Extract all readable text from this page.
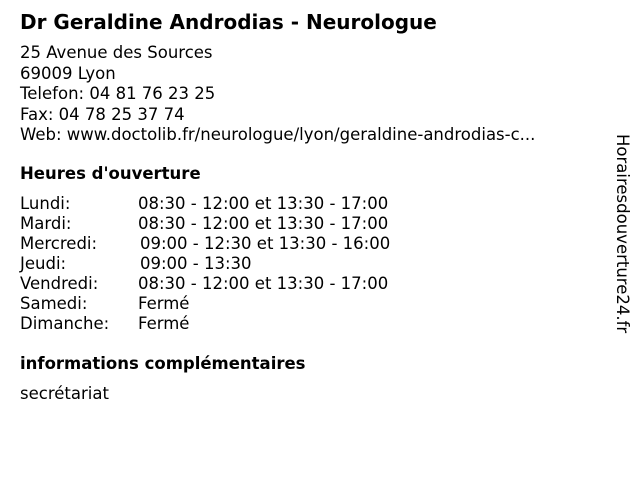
Dr Geraldine Androdias - Neurologue
25 Avenue des Sources
69009 Lyon
Telefon: 04 81 76 23 25
Fax: 04 78 25 37 74
Web: www.doctolib.fr/neurologue/lyon/geraldine-androdias-c...
Heures d'ouverture
Lundi:	08:30 - 12:00 et 13:30 - 17:00
Mardi:	08:30 - 12:00 et 13:30 - 17:00
Mercredi:	09:00 - 12:30 et 13:30 - 16:00
Jeudi:	09:00 - 13:30
Vendredi: 08:30 - 12:00 et 13:30 - 17:00
Samedi:	Fermé
Dimanche: Fermé
informations complémentaires
secrétariat
Horairesdouverture24.fr
